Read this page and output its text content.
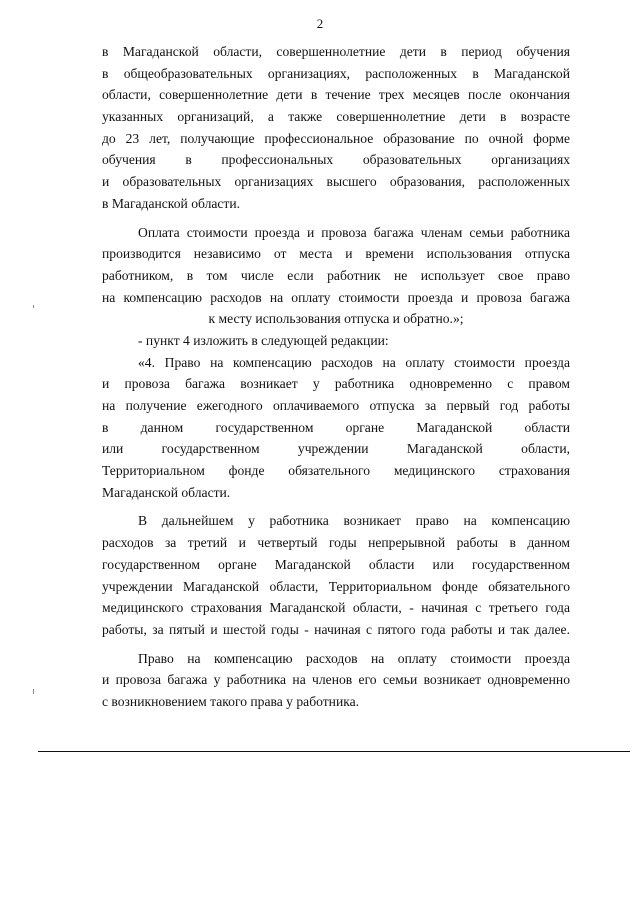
2
в Магаданской области, совершеннолетние дети в период обучения
в общеобразовательных организациях, расположенных в Магаданской
области, совершеннолетние дети в течение трех месяцев после окончания
указанных организаций, а также совершеннолетние дети в возрасте
до 23 лет, получающие профессиональное образование по очной форме
обучения в профессиональных образовательных организациях
и образовательных организациях высшего образования, расположенных
в Магаданской области.
Оплата стоимости проезда и провоза багажа членам семьи работника
производится независимо от места и времени использования отпуска
работником, в том числе если работник не использует свое право
на компенсацию расходов на оплату стоимости проезда и провоза багажа
к месту использования отпуска и обратно.»;
- пункт 4 изложить в следующей редакции:
«4. Право на компенсацию расходов на оплату стоимости проезда
и провоза багажа возникает у работника одновременно с правом
на получение ежегодного оплачиваемого отпуска за первый год работы
в данном государственном органе Магаданской области
или государственном учреждении Магаданской области,
Территориальном фонде обязательного медицинского страхования
Магаданской области.
В дальнейшем у работника возникает право на компенсацию
расходов за третий и четвертый годы непрерывной работы в данном
государственном органе Магаданской области или государственном
учреждении Магаданской области, Территориальном фонде обязательного
медицинского страхования Магаданской области, - начиная с третьего года
работы, за пятый и шестой годы - начиная с пятого года работы и так далее.
Право на компенсацию расходов на оплату стоимости проезда
и провоза багажа у работника на членов его семьи возникает одновременно
с возникновением такого права у работника.
